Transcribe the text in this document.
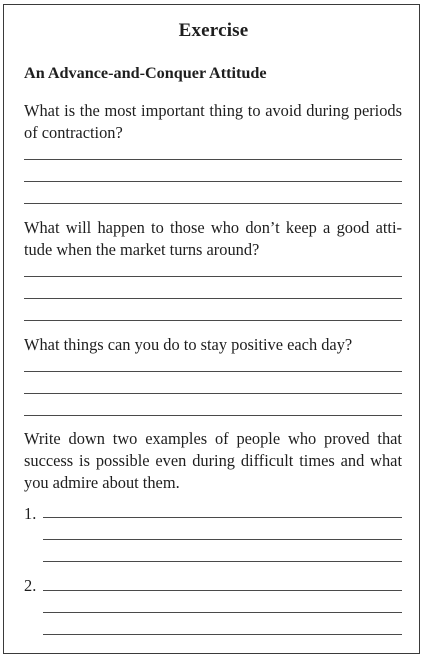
Exercise
An Advance-and-Conquer Attitude
What is the most important thing to avoid during periods of contraction?
What will happen to those who don’t keep a good atti-tude when the market turns around?
What things can you do to stay positive each day?
Write down two examples of people who proved that success is possible even during difficult times and what you admire about them.
1.
2.
